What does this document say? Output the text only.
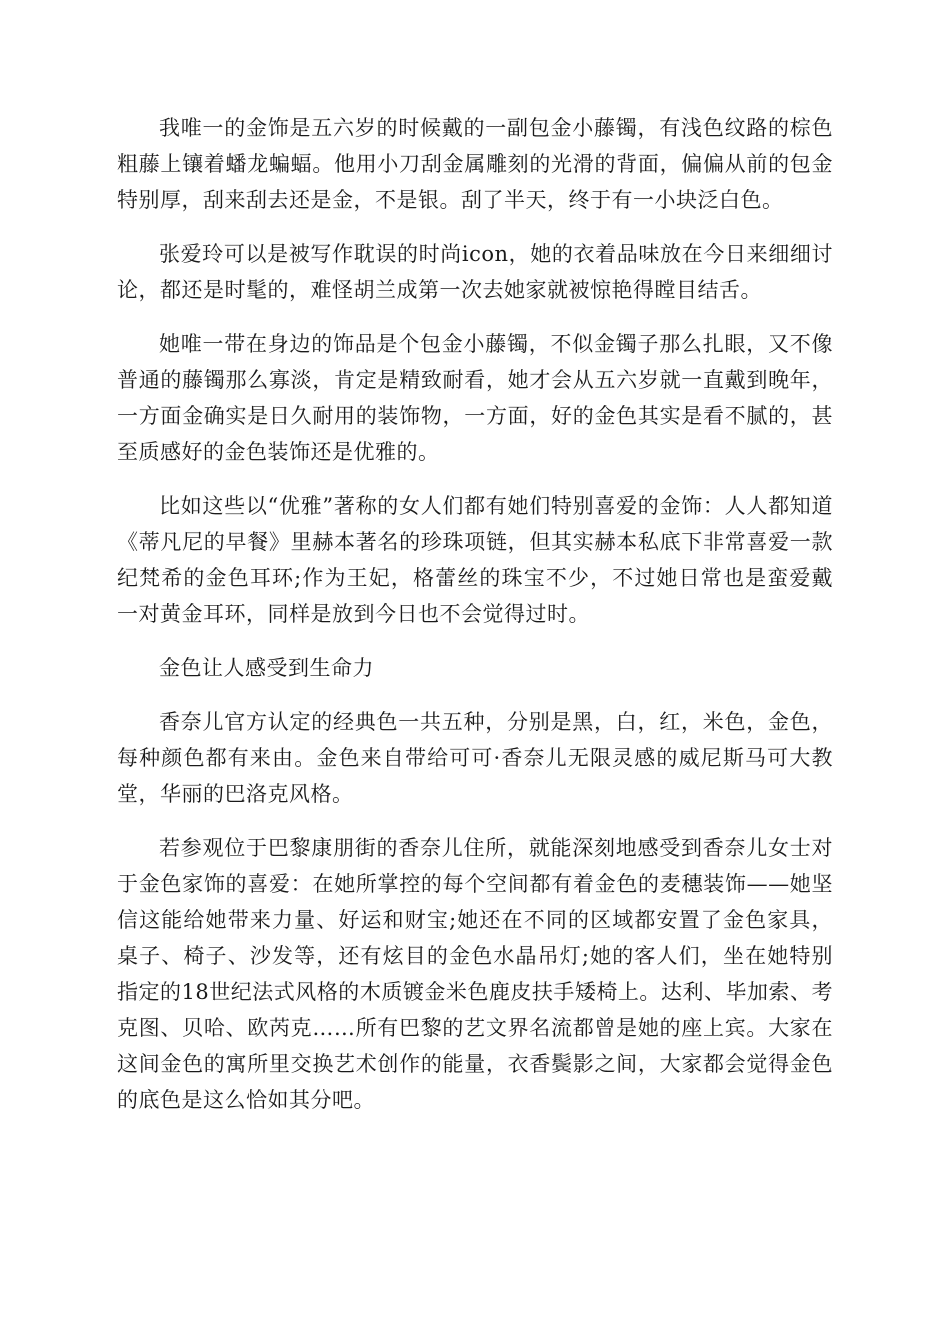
我唯一的金饰是五六岁的时候戴的一副包金小藤镯，有浅色纹路的棕色粗藤上镶着蟠龙蝙蝠。他用小刀刮金属雕刻的光滑的背面，偏偏从前的包金特别厚，刮来刮去还是金，不是银。刮了半天，终于有一小块泛白色。

张爱玲可以是被写作耽误的时尚icon，她的衣着品味放在今日来细细讨论，都还是时髦的，难怪胡兰成第一次去她家就被惊艳得瞠目结舌。

她唯一带在身边的饰品是个包金小藤镯，不似金镯子那么扎眼，又不像普通的藤镯那么寡淡，肯定是精致耐看，她才会从五六岁就一直戴到晚年，一方面金确实是日久耐用的装饰物，一方面，好的金色其实是看不腻的，甚至质感好的金色装饰还是优雅的。

比如这些以“优雅”著称的女人们都有她们特别喜爱的金饰：人人都知道《蒂凡尼的早餐》里赫本著名的珍珠项链，但其实赫本私底下非常喜爱一款纪梵希的金色耳环;作为王妃，格蕾丝的珠宝不少，不过她日常也是蛮爱戴一对黄金耳环，同样是放到今日也不会觉得过时。

金色让人感受到生命力

香奈儿官方认定的经典色一共五种，分别是黑，白，红，米色，金色，每种颜色都有来由。金色来自带给可可·香奈儿无限灵感的威尼斯马可大教堂，华丽的巴洛克风格。

若参观位于巴黎康朋街的香奈儿住所，就能深刻地感受到香奈儿女士对于金色家饰的喜爱：在她所掌控的每个空间都有着金色的麦穗装饰——她坚信这能给她带来力量、好运和财宝;她还在不同的区域都安置了金色家具，桌子、椅子、沙发等，还有炫目的金色水晶吊灯;她的客人们，坐在她特别指定的18世纪法式风格的木质镀金米色鹿皮扶手矮椅上。达利、毕加索、考克图、贝哈、欧芮克……所有巴黎的艺文界名流都曾是她的座上宾。大家在这间金色的寓所里交换艺术创作的能量，衣香鬓影之间，大家都会觉得金色的底色是这么恰如其分吧。
